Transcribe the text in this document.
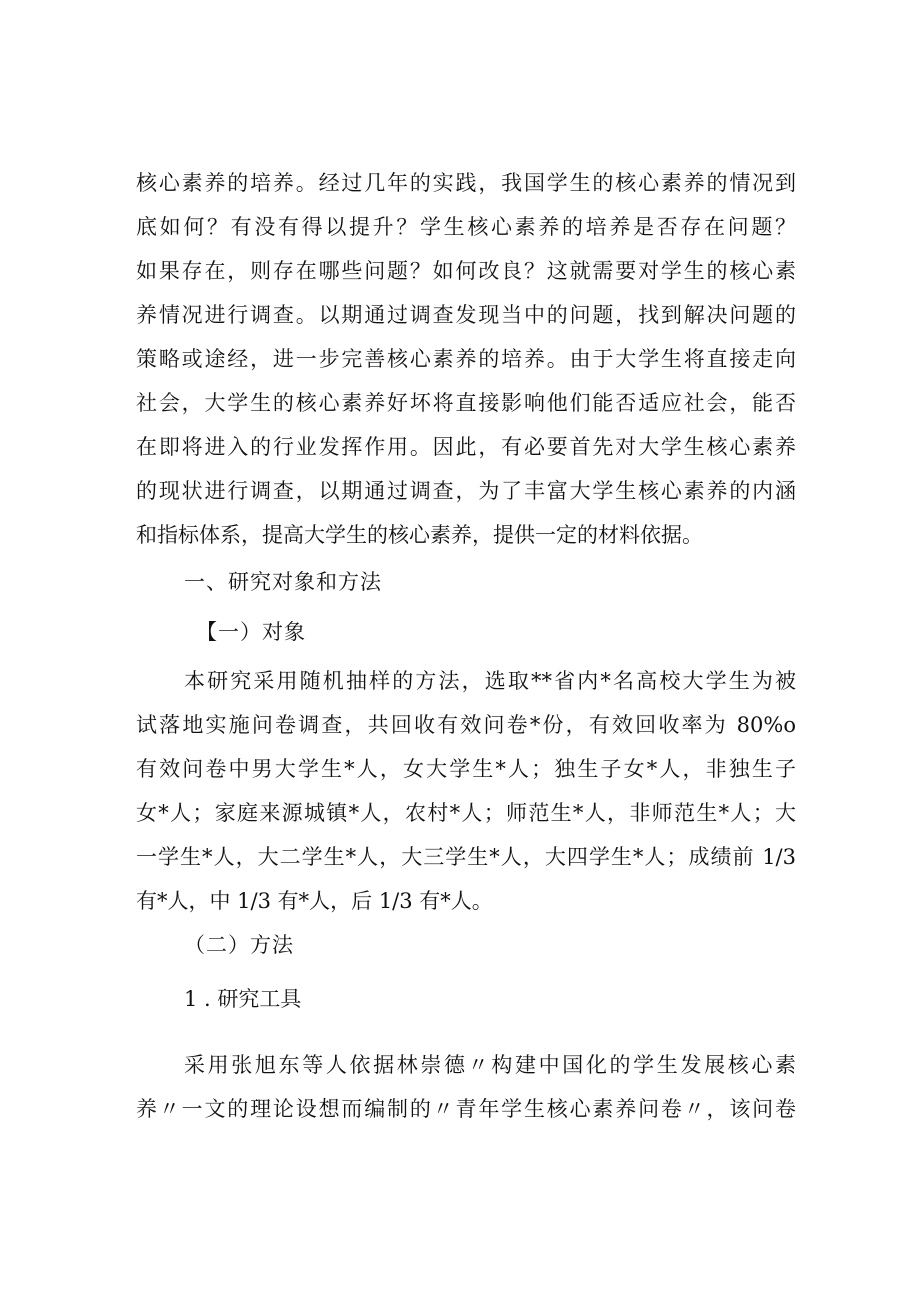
核心素养的培养。经过几年的实践，我国学生的核心素养的情况到
底如何？有没有得以提升？学生核心素养的培养是否存在问题？
如果存在，则存在哪些问题？如何改良？这就需要对学生的核心素
养情况进行调查。以期通过调查发现当中的问题，找到解决问题的
策略或途经，进一步完善核心素养的培养。由于大学生将直接走向
社会，大学生的核心素养好坏将直接影响他们能否适应社会，能否
在即将进入的行业发挥作用。因此，有必要首先对大学生核心素养
的现状进行调查，以期通过调查，为了丰富大学生核心素养的内涵
和指标体系，提高大学生的核心素养，提供一定的材料依据。
一、研究对象和方法
【一）对象
本研究采用随机抽样的方法，选取**省内*名高校大学生为被
试落地实施问卷调查，共回收有效问卷*份，有效回收率为 80%o
有效问卷中男大学生*人，女大学生*人；独生子女*人，非独生子
女*人；家庭来源城镇*人，农村*人；师范生*人，非师范生*人；大
一学生*人，大二学生*人，大三学生*人，大四学生*人；成绩前 1/3
有*人，中 1/3 有*人，后 1/3 有*人。
（二）方法
1 . 研究工具
采用张旭东等人依据林崇德〃构建中国化的学生发展核心素
养〃一文的理论设想而编制的〃青年学生核心素养问卷〃，该问卷
